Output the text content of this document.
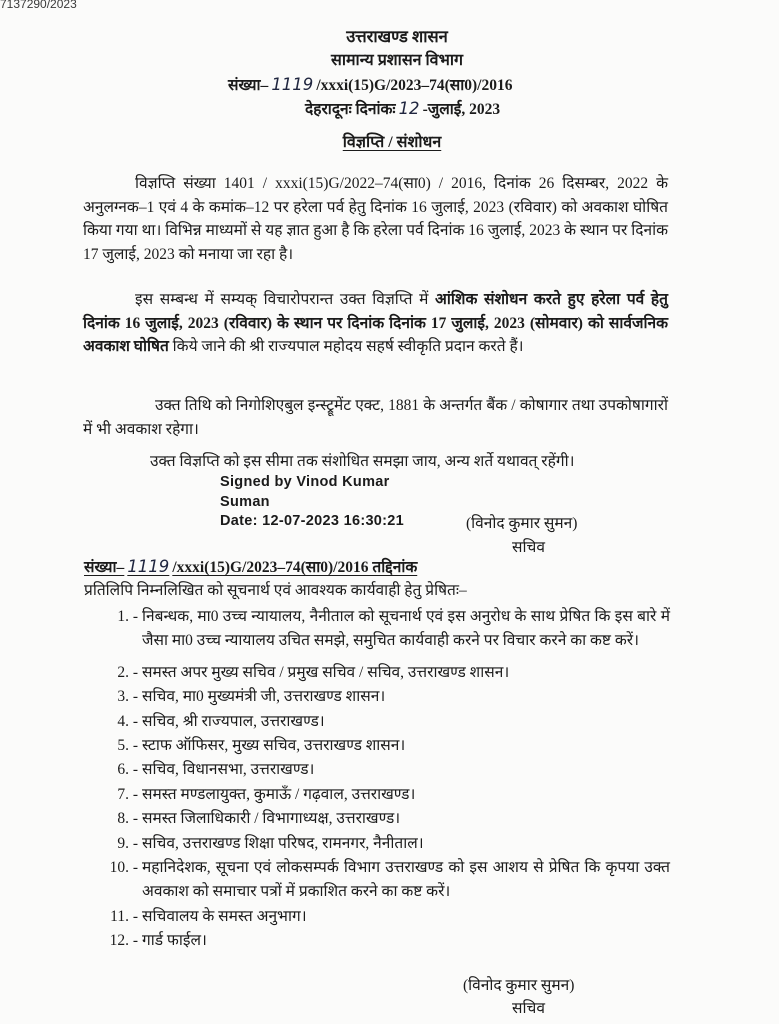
7137290/2023
उत्तराखण्ड शासन
सामान्य प्रशासन विभाग
संख्या– 1119 /xxxi(15)G/2023–74(सा0)/2016
देहरादूनः दिनांकः 12 -जुलाई, 2023
विज्ञप्ति / संशोधन
विज्ञप्ति संख्या 1401 / xxxi(15)G/2022–74(सा0) / 2016, दिनांक 26 दिसम्बर, 2022 के अनुलग्नक–1 एवं 4 के कमांक–12 पर हरेला पर्व हेतु दिनांक 16 जुलाई, 2023 (रविवार) को अवकाश घोषित किया गया था। विभिन्न माध्यमों से यह ज्ञात हुआ है कि हरेला पर्व दिनांक 16 जुलाई, 2023 के स्थान पर दिनांक 17 जुलाई, 2023 को मनाया जा रहा है।
इस सम्बन्ध में सम्यक् विचारोपरान्त उक्त विज्ञप्ति में आंशिक संशोधन करते हुए हरेला पर्व हेतु दिनांक 16 जुलाई, 2023 (रविवार) के स्थान पर दिनांक दिनांक 17 जुलाई, 2023 (सोमवार) को सार्वजनिक अवकाश घोषित किये जाने की श्री राज्यपाल महोदय सहर्ष स्वीकृति प्रदान करते हैं।
उक्त तिथि को निगोशिएबुल इन्स्ट्रूमेंट एक्ट, 1881 के अन्तर्गत बैंक / कोषागार तथा उपकोषागारों में भी अवकाश रहेगा।
उक्त विज्ञप्ति को इस सीमा तक संशोधित समझा जाय, अन्य शर्ते यथावत् रहेंगी।
Signed by Vinod Kumar
Suman
Date: 12-07-2023 16:30:21	(विनोद कुमार सुमन)
सचिव
संख्या– 1119 /xxxi(15)G/2023–74(सा0)/2016 तद्दिनांक
प्रतिलिपि निम्नलिखित को सूचनार्थ एवं आवश्यक कार्यवाही हेतु प्रेषितः–
1. - निबन्धक, मा0 उच्च न्यायालय, नैनीताल को सूचनार्थ एवं इस अनुरोध के साथ प्रेषित कि इस बारे में जैसा मा0 उच्च न्यायालय उचित समझे, समुचित कार्यवाही करने पर विचार करने का कष्ट करें।
2. - समस्त अपर मुख्य सचिव / प्रमुख सचिव / सचिव, उत्तराखण्ड शासन।
3. - सचिव, मा0 मुख्यमंत्री जी, उत्तराखण्ड शासन।
4. - सचिव, श्री राज्यपाल, उत्तराखण्ड।
5. - स्टाफ ऑफिसर, मुख्य सचिव, उत्तराखण्ड शासन।
6. - सचिव, विधानसभा, उत्तराखण्ड।
7. - समस्त मण्डलायुक्त, कुमाऊँ / गढ़वाल, उत्तराखण्ड।
8. - समस्त जिलाधिकारी / विभागाध्यक्ष, उत्तराखण्ड।
9. - सचिव, उत्तराखण्ड शिक्षा परिषद, रामनगर, नैनीताल।
10. - महानिदेशक, सूचना एवं लोकसम्पर्क विभाग उत्तराखण्ड को इस आशय से प्रेषित कि कृपया उक्त अवकाश को समाचार पत्रों में प्रकाशित करने का कष्ट करें।
11. - सचिवालय के समस्त अनुभाग।
12. - गार्ड फाईल।
(विनोद कुमार सुमन)
सचिव
